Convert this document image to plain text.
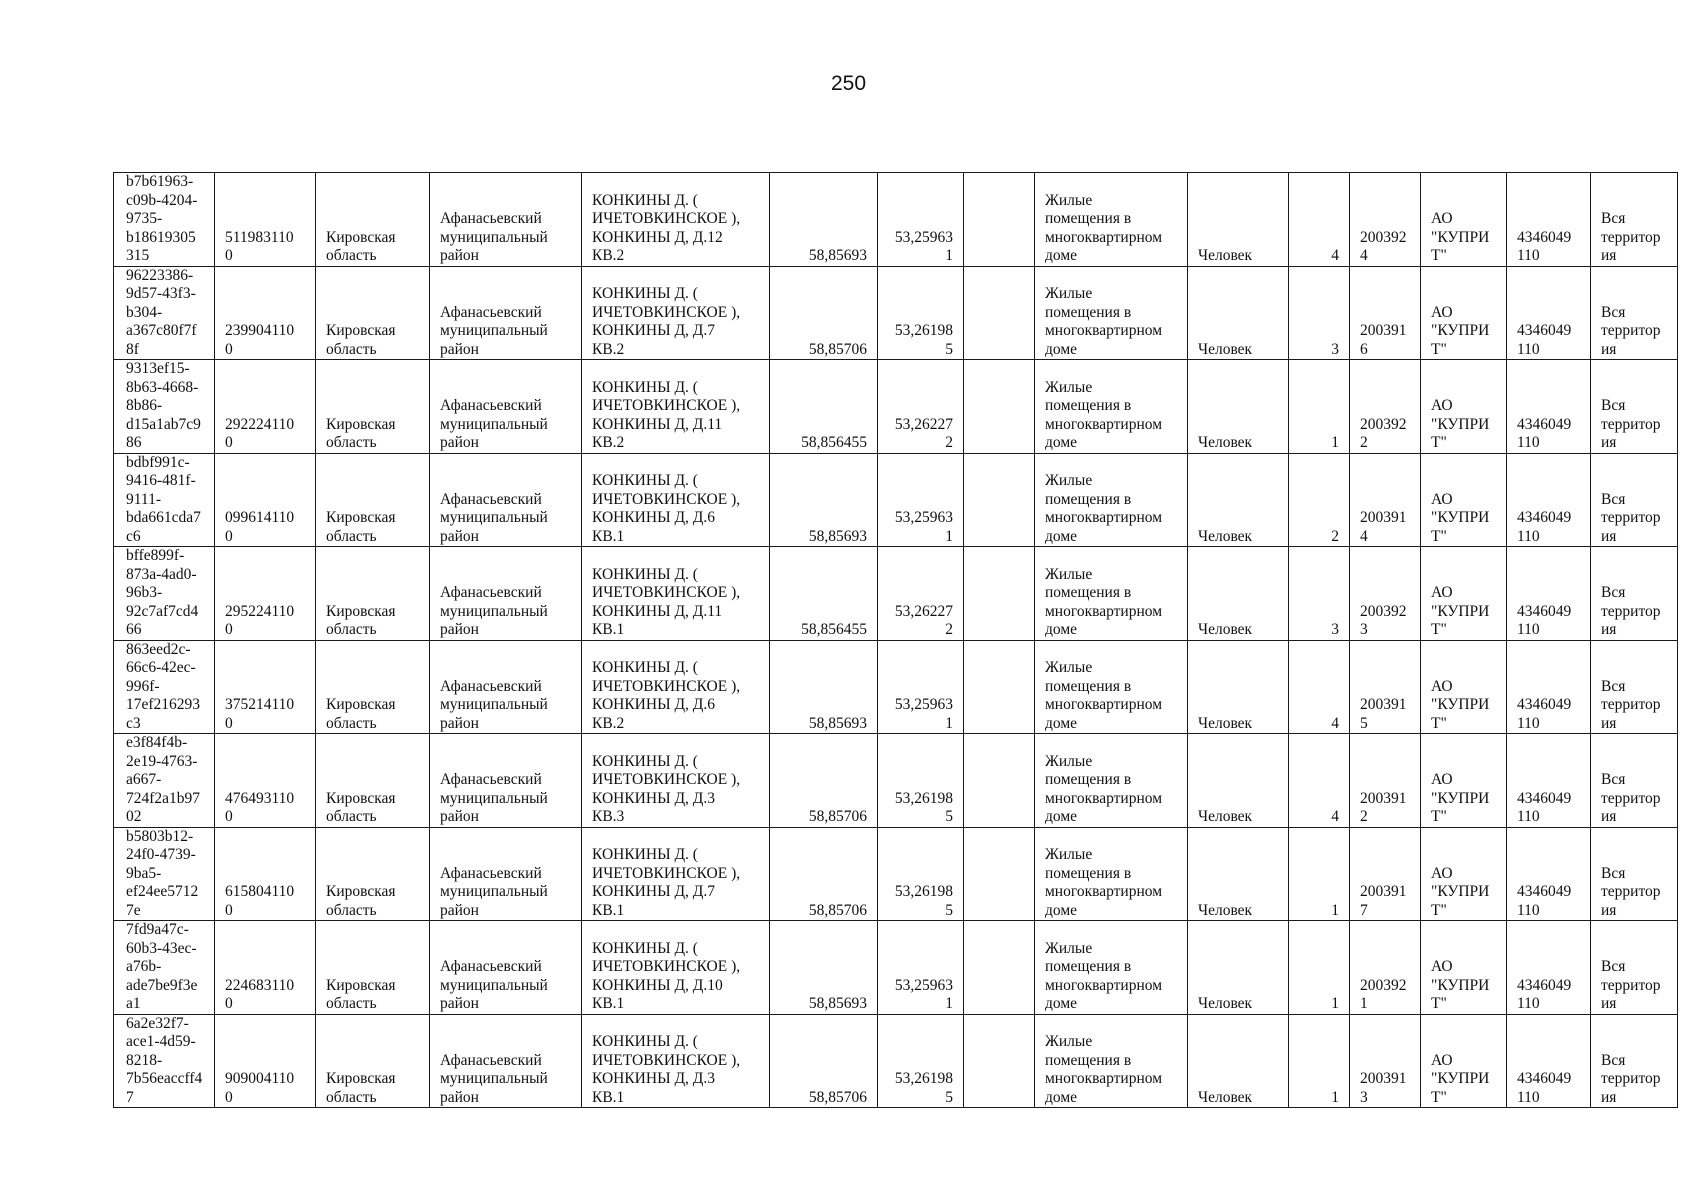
250
b7b61963-
c09b-4204-
9735-
b18619305
315	511983110
0	Кировская
область	Афанасьевский
муниципальный
район	КОНКИНЫ Д. (
ИЧЕТОВКИНСКОЕ ),
КОНКИНЫ Д, Д.12
КВ.2	58,85693	53,25963
1		Жилые
помещения в
многоквартирном
доме	Человек	4	200392
4	АО
"КУПРИ
Т"	4346049
110	Вся
территор
ия

96223386-
9d57-43f3-
b304-
a367c80f7f
8f	239904110
0	Кировская
область	Афанасьевский
муниципальный
район	КОНКИНЫ Д. (
ИЧЕТОВКИНСКОЕ ),
КОНКИНЫ Д, Д.7
КВ.2	58,85706	53,26198
5		Жилые
помещения в
многоквартирном
доме	Человек	3	200391
6	АО
"КУПРИ
Т"	4346049
110	Вся
территор
ия

9313ef15-
8b63-4668-
8b86-
d15a1ab7c9
86	292224110
0	Кировская
область	Афанасьевский
муниципальный
район	КОНКИНЫ Д. (
ИЧЕТОВКИНСКОЕ ),
КОНКИНЫ Д, Д.11
КВ.2	58,856455	53,26227
2		Жилые
помещения в
многоквартирном
доме	Человек	1	200392
2	АО
"КУПРИ
Т"	4346049
110	Вся
территор
ия

bdbf991c-
9416-481f-
9111-
bda661cda7
c6	099614110
0	Кировская
область	Афанасьевский
муниципальный
район	КОНКИНЫ Д. (
ИЧЕТОВКИНСКОЕ ),
КОНКИНЫ Д, Д.6
КВ.1	58,85693	53,25963
1		Жилые
помещения в
многоквартирном
доме	Человек	2	200391
4	АО
"КУПРИ
Т"	4346049
110	Вся
территор
ия

bffe899f-
873a-4ad0-
96b3-
92c7af7cd4
66	295224110
0	Кировская
область	Афанасьевский
муниципальный
район	КОНКИНЫ Д. (
ИЧЕТОВКИНСКОЕ ),
КОНКИНЫ Д, Д.11
КВ.1	58,856455	53,26227
2		Жилые
помещения в
многоквартирном
доме	Человек	3	200392
3	АО
"КУПРИ
Т"	4346049
110	Вся
территор
ия

863eed2c-
66c6-42ec-
996f-
17ef216293
c3	375214110
0	Кировская
область	Афанасьевский
муниципальный
район	КОНКИНЫ Д. (
ИЧЕТОВКИНСКОЕ ),
КОНКИНЫ Д, Д.6
КВ.2	58,85693	53,25963
1		Жилые
помещения в
многоквартирном
доме	Человек	4	200391
5	АО
"КУПРИ
Т"	4346049
110	Вся
территор
ия

e3f84f4b-
2e19-4763-
a667-
724f2a1b97
02	476493110
0	Кировская
область	Афанасьевский
муниципальный
район	КОНКИНЫ Д. (
ИЧЕТОВКИНСКОЕ ),
КОНКИНЫ Д, Д.3
КВ.3	58,85706	53,26198
5		Жилые
помещения в
многоквартирном
доме	Человек	4	200391
2	АО
"КУПРИ
Т"	4346049
110	Вся
территор
ия

b5803b12-
24f0-4739-
9ba5-
ef24ee5712
7e	615804110
0	Кировская
область	Афанасьевский
муниципальный
район	КОНКИНЫ Д. (
ИЧЕТОВКИНСКОЕ ),
КОНКИНЫ Д, Д.7
КВ.1	58,85706	53,26198
5		Жилые
помещения в
многоквартирном
доме	Человек	1	200391
7	АО
"КУПРИ
Т"	4346049
110	Вся
территор
ия

7fd9a47c-
60b3-43ec-
a76b-
ade7be9f3e
a1	224683110
0	Кировская
область	Афанасьевский
муниципальный
район	КОНКИНЫ Д. (
ИЧЕТОВКИНСКОЕ ),
КОНКИНЫ Д, Д.10
КВ.1	58,85693	53,25963
1		Жилые
помещения в
многоквартирном
доме	Человек	1	200392
1	АО
"КУПРИ
Т"	4346049
110	Вся
территор
ия

6a2e32f7-
ace1-4d59-
8218-
7b56eaccff4
7	909004110
0	Кировская
область	Афанасьевский
муниципальный
район	КОНКИНЫ Д. (
ИЧЕТОВКИНСКОЕ ),
КОНКИНЫ Д, Д.3
КВ.1	58,85706	53,26198
5		Жилые
помещения в
многоквартирном
доме	Человек	1	200391
3	АО
"КУПРИ
Т"	4346049
110	Вся
территор
ия
